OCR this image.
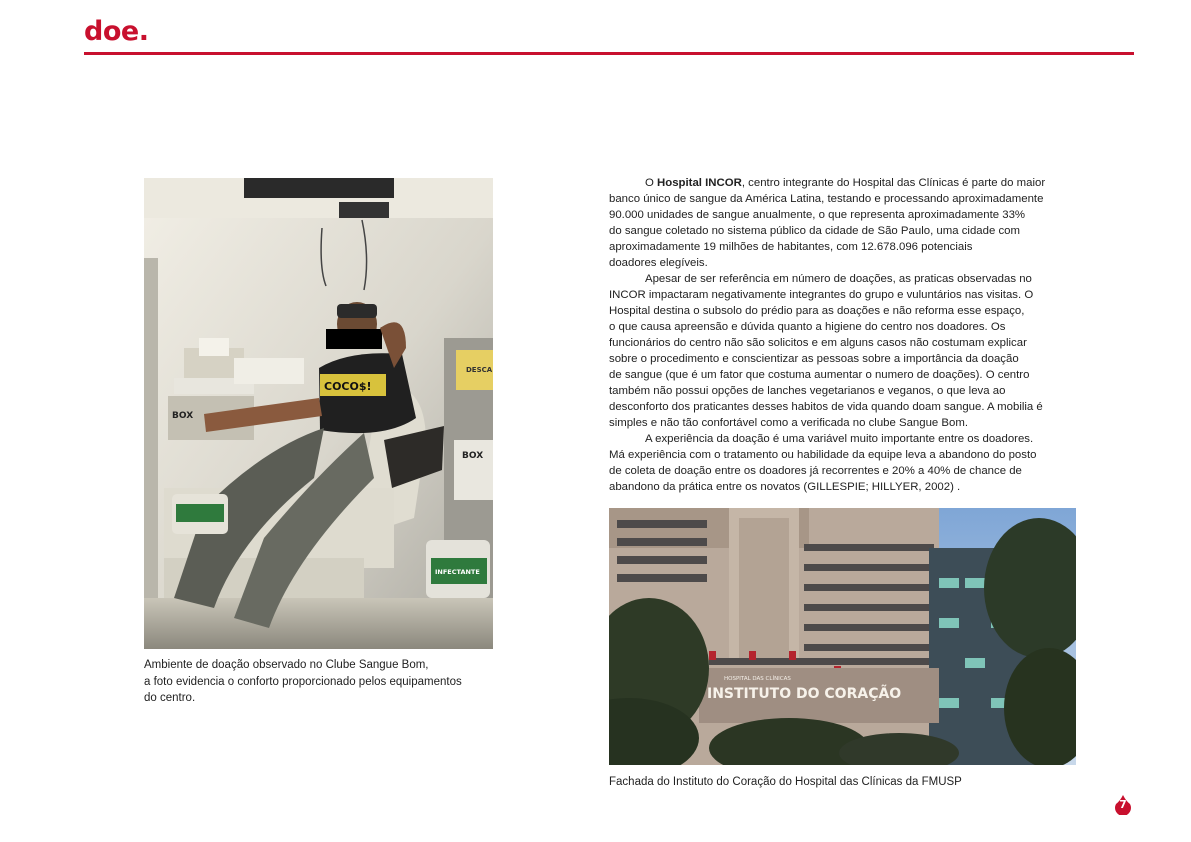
doe.
BOX
DESCA
BOX
COCO$!
INFECTANTE
Ambiente de doação observado no Clube Sangue Bom,
a foto evidencia o conforto proporcionado pelos equipamentos
do centro.
O Hospital INCOR, centro integrante do Hospital das Clínicas é parte do maior
banco único de sangue da América Latina, testando e processando aproximadamente
90.000 unidades de sangue anualmente, o que representa aproximadamente 33%
do sangue coletado no sistema público da cidade de São Paulo, uma cidade com
aproximadamente 19 milhões de habitantes, com 12.678.096 potenciais
doadores elegíveis.
Apesar de ser referência em número de doações, as praticas observadas no
INCOR impactaram negativamente integrantes do grupo e vuluntários nas visitas. O
Hospital destina o subsolo do prédio para as doações e não reforma esse espaço,
o que causa apreensão e dúvida quanto a higiene do centro nos doadores. Os
funcionários do centro não são solicitos e em alguns casos não costumam explicar
sobre o procedimento e conscientizar as pessoas sobre a importância da doação
de sangue (que é um fator que costuma aumentar o numero de doações). O centro
também não possui opções de lanches vegetarianos e veganos, o que leva ao
desconforto dos praticantes desses habitos de vida quando doam sangue. A mobilia é
simples e não tão confortável como a verificada no clube Sangue Bom.
A experiência da doação é uma variável muito importante entre os doadores.
Má experiência com o tratamento ou habilidade da equipe leva a abandono do posto
de coleta de doação entre os doadores já recorrentes e 20% a 40% de chance de
abandono da prática entre os novatos (GILLESPIE; HILLYER, 2002) .
HOSPITAL DAS CLÍNICAS
INSTITUTO DO CORAÇÃO
Fachada do Instituto do Coração do Hospital das Clínicas da FMUSP
7
